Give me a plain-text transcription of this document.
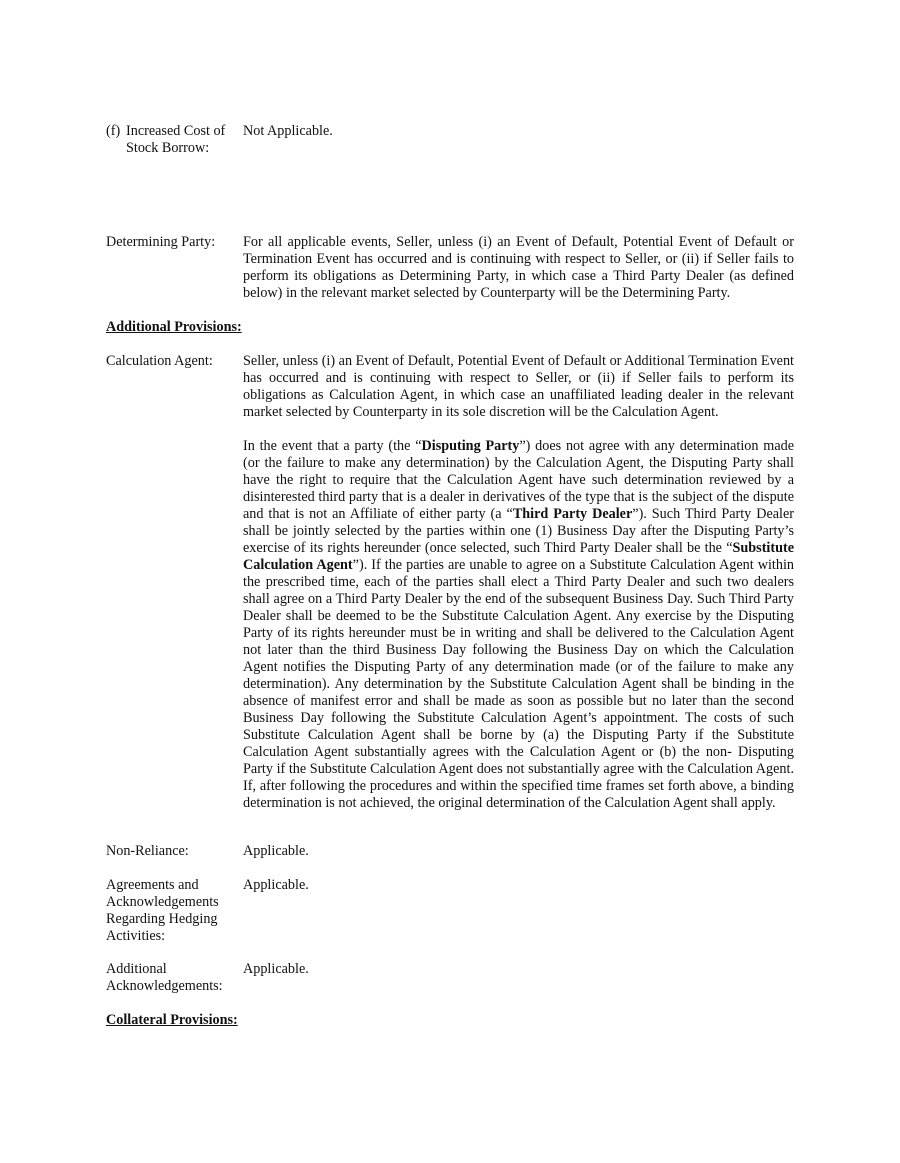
(f) Increased Cost of Stock Borrow:
Not Applicable.
Determining Party:	For all applicable events, Seller, unless (i) an Event of Default, Potential Event of Default or Termination Event has occurred and is continuing with respect to Seller, or (ii) if Seller fails to perform its obligations as Determining Party, in which case a Third Party Dealer (as defined below) in the relevant market selected by Counterparty will be the Determining Party.
Additional Provisions:
Calculation Agent:	Seller, unless (i) an Event of Default, Potential Event of Default or Additional Termination Event has occurred and is continuing with respect to Seller, or (ii) if Seller fails to perform its obligations as Calculation Agent, in which case an unaffiliated leading dealer in the relevant market selected by Counterparty in its sole discretion will be the Calculation Agent.

In the event that a party (the “Disputing Party”) does not agree with any determination made (or the failure to make any determination) by the Calculation Agent, the Disputing Party shall have the right to require that the Calculation Agent have such determination reviewed by a disinterested third party that is a dealer in derivatives of the type that is the subject of the dispute and that is not an Affiliate of either party (a “Third Party Dealer”). Such Third Party Dealer shall be jointly selected by the parties within one (1) Business Day after the Disputing Party’s exercise of its rights hereunder (once selected, such Third Party Dealer shall be the “Substitute Calculation Agent”). If the parties are unable to agree on a Substitute Calculation Agent within the prescribed time, each of the parties shall elect a Third Party Dealer and such two dealers shall agree on a Third Party Dealer by the end of the subsequent Business Day. Such Third Party Dealer shall be deemed to be the Substitute Calculation Agent. Any exercise by the Disputing Party of its rights hereunder must be in writing and shall be delivered to the Calculation Agent not later than the third Business Day following the Business Day on which the Calculation Agent notifies the Disputing Party of any determination made (or of the failure to make any determination). Any determination by the Substitute Calculation Agent shall be binding in the absence of manifest error and shall be made as soon as possible but no later than the second Business Day following the Substitute Calculation Agent’s appointment. The costs of such Substitute Calculation Agent shall be borne by (a) the Disputing Party if the Substitute Calculation Agent substantially agrees with the Calculation Agent or (b) the non- Disputing Party if the Substitute Calculation Agent does not substantially agree with the Calculation Agent. If, after following the procedures and within the specified time frames set forth above, a binding determination is not achieved, the original determination of the Calculation Agent shall apply.

Non-Reliance:	Applicable.
Agreements and Acknowledgements Regarding Hedging Activities:
Applicable.
Additional Acknowledgements:
Applicable.
Collateral Provisions:
